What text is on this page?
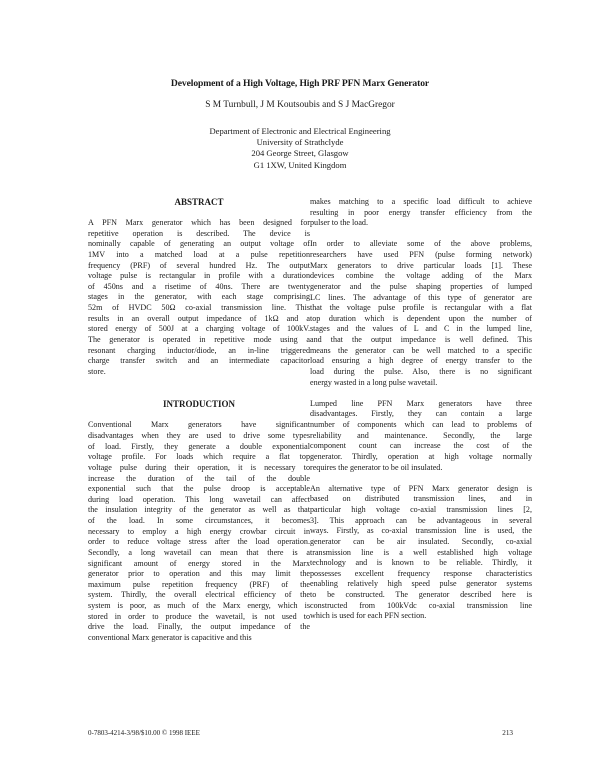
Development of a High Voltage, High PRF PFN Marx Generator
S M Turnbull, J M Koutsoubis and S J MacGregor
Department of Electronic and Electrical Engineering
University of Strathclyde
204 George Street, Glasgow
G1 1XW, United Kingdom
ABSTRACT
A PFN Marx generator which has been designed for
repetitive operation is described. The device is
nominally capable of generating an output voltage of
1MV into a matched load at a pulse repetition
frequency (PRF) of several hundred Hz. The output
voltage pulse is rectangular in profile with a duration
of 450ns and a risetime of 40ns. There are twenty
stages in the generator, with each stage comprising
52m of HVDC 50Ω co-axial transmission line. This
results in an overall output impedance of 1kΩ and a
stored energy of 500J at a charging voltage of 100kV.
The generator is operated in repetitive mode using a
resonant charging inductor/diode, an in-line triggered
charge transfer switch and an intermediate capacitor
store.
INTRODUCTION
Conventional Marx generators have significant
disadvantages when they are used to drive some types
of load. Firstly, they generate a double exponential
voltage profile. For loads which require a flat top
voltage pulse during their operation, it is necessary to
increase the duration of the tail of the double
exponential such that the pulse droop is acceptable
during load operation. This long wavetail can affect
the insulation integrity of the generator as well as that
of the load. In some circumstances, it becomes
necessary to employ a high energy crowbar circuit in
order to reduce voltage stress after the load operation.
Secondly, a long wavetail can mean that there is a
significant amount of energy stored in the Marx
generator prior to operation and this may limit the
maximum pulse repetition frequency (PRF) of the
system. Thirdly, the overall electrical efficiency of the
system is poor, as much of the Marx energy, which is
stored in order to produce the wavetail, is not used to
drive the load. Finally, the output impedance of the
conventional Marx generator is capacitive and this
makes matching to a specific load difficult to achieve
resulting in poor energy transfer efficiency from the
pulser to the load.
In order to alleviate some of the above problems,
researchers have used PFN (pulse forming network)
Marx generators to drive particular loads [1]. These
devices combine the voltage adding of the Marx
generator and the pulse shaping properties of lumped
LC lines. The advantage of this type of generator are
that the voltage pulse profile is rectangular with a flat
top duration which is dependent upon the number of
stages and the values of L and C in the lumped line,
and that the output impedance is well defined. This
means the generator can be well matched to a specific
load ensuring a high degree of energy transfer to the
load during the pulse. Also, there is no significant
energy wasted in a long pulse wavetail.
Lumped line PFN Marx generators have three
disadvantages. Firstly, they can contain a large
number of components which can lead to problems of
reliability and maintenance. Secondly, the large
component count can increase the cost of the
generator. Thirdly, operation at high voltage normally
requires the generator to be oil insulated.
An alternative type of PFN Marx generator design is
based on distributed transmission lines, and in
particular high voltage co-axial transmission lines [2,
3]. This approach can be advantageous in several
ways. Firstly, as co-axial transmission line is used, the
generator can be air insulated. Secondly, co-axial
transmission line is a well established high voltage
technology and is known to be reliable. Thirdly, it
possesses excellent frequency response characteristics
enabling relatively high speed pulse generator systems
to be constructed. The generator described here is
constructed from 100kVdc co-axial transmission line
which is used for each PFN section.
0-7803-4214-3/98/$10.00 © 1998 IEEE	213
